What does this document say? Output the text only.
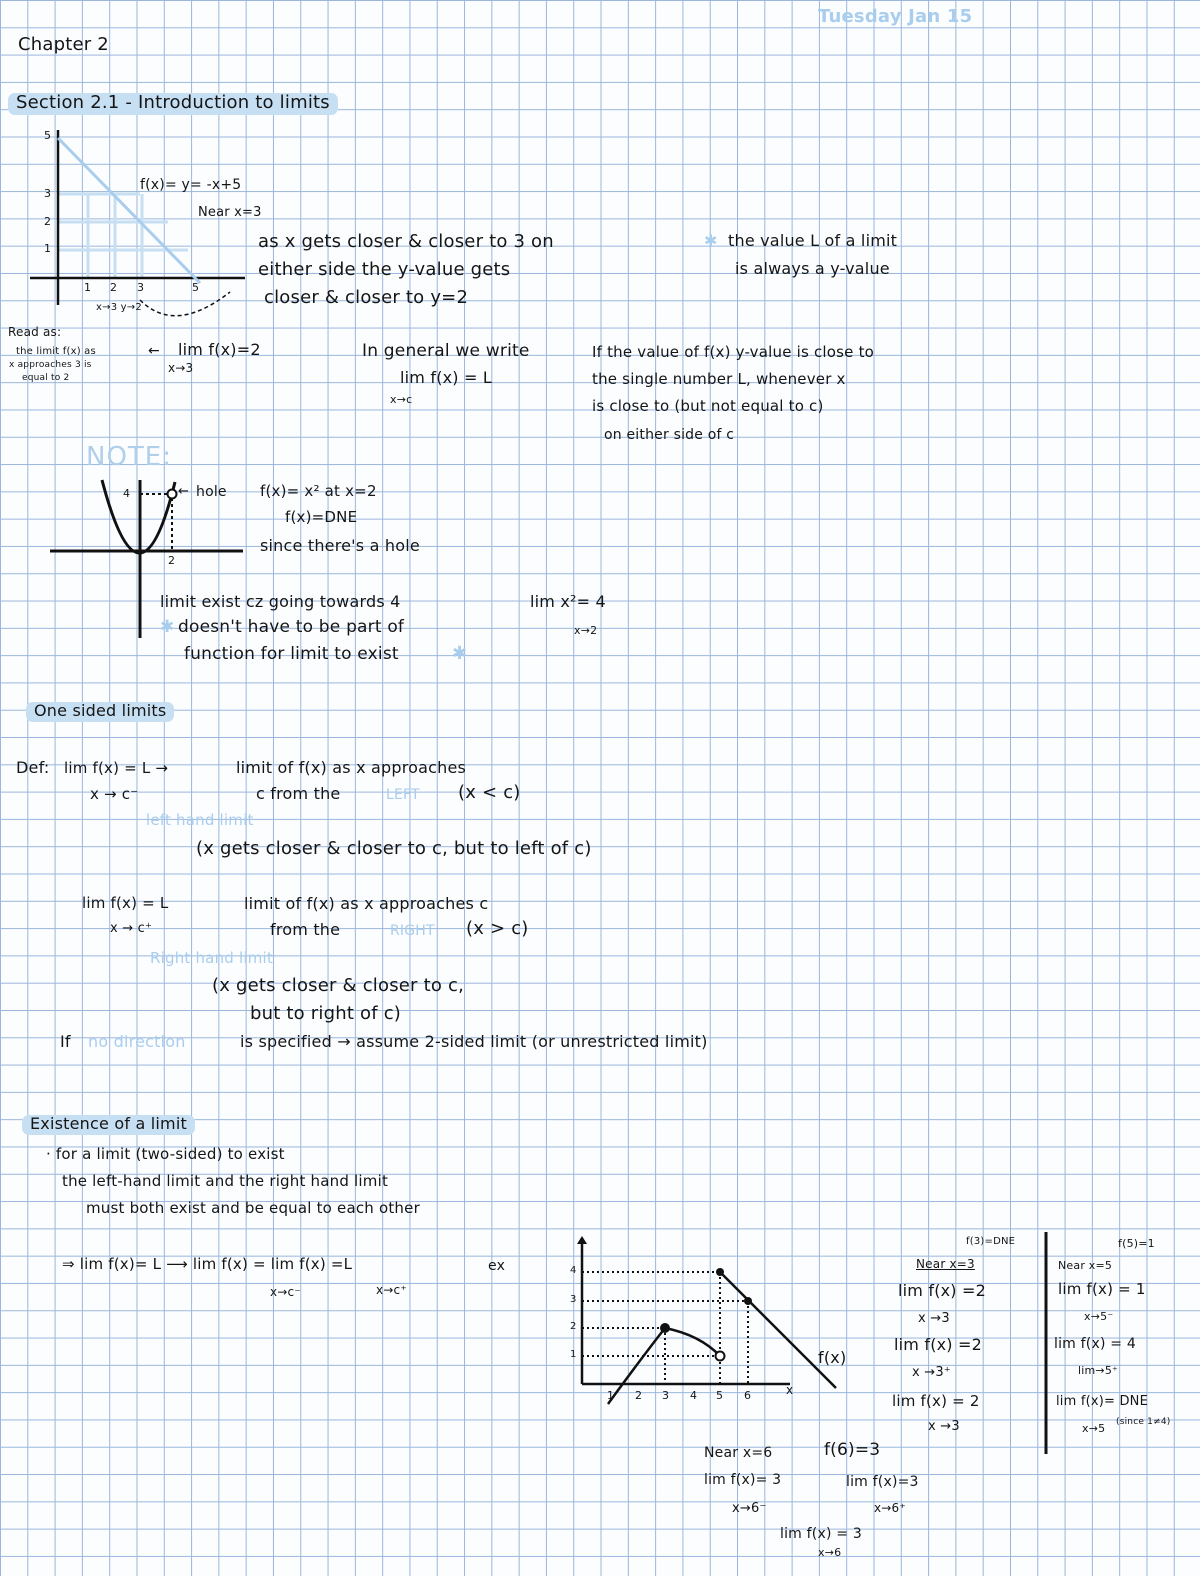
Tuesday Jan 15
Chapter 2
Section 2.1 - Introduction to limits
5
3
2
1
1 2 3	5
x→3 y→2
f(x)= y= -x+5
Near x=3
as x gets closer & closer to 3 on
either side the y-value gets
closer & closer to y=2
✱ the value L of a limit
is always a y-value
Read as:
the limit f(x) as
x approaches 3 is
equal to 2
← lim f(x)=2
x→3
In general we write
lim f(x) = L
x→c
If the value of f(x) y-value is close to
the single number L, whenever x
is close to (but not equal to c)
on either side of c
NOTE:
4
2
← hole f(x)= x² at x=2
f(x)=DNE
since there's a hole
limit exist cz going towards 4
✱ doesn't have to be part of
function for limit to exist	✱
lim x²= 4
x→2
One sided limits
Def: lim f(x) = L →
x → c⁻
limit of f(x) as x approaches
c from the	LEFT (x < c)
left hand limit
(x gets closer & closer to c, but to left of c)
lim f(x) = L
x → c⁺
limit of f(x) as x approaches c
from the	RIGHT (x > c)
Right hand limit
(x gets closer & closer to c,
but to right of c)
If no direction	is specified → assume 2-sided limit (or unrestricted limit)
Existence of a limit
· for a limit (two-sided) to exist
the left-hand limit and the right hand limit
must both exist and be equal to each other
⇒ lim f(x)= L ⟶ lim f(x) = lim f(x) =L
x→c⁻	x→c⁺
ex	4
3
2
1
1 2 3 4 5 6	x
f(x)
f(3)=DNE
Near x=3
lim f(x) =2
x →3
lim f(x) =2
x →3⁺
lim f(x) = 2
x →3
f(5)=1
Near x=5
lim f(x) = 1
x→5⁻
lim f(x) = 4
lim→5⁺
lim f(x)= DNE
x→5 (since 1≠4)
Near x=6	f(6)=3
lim f(x)= 3
x→6⁻
lim f(x)=3
x→6⁺
lim f(x) = 3
x→6
